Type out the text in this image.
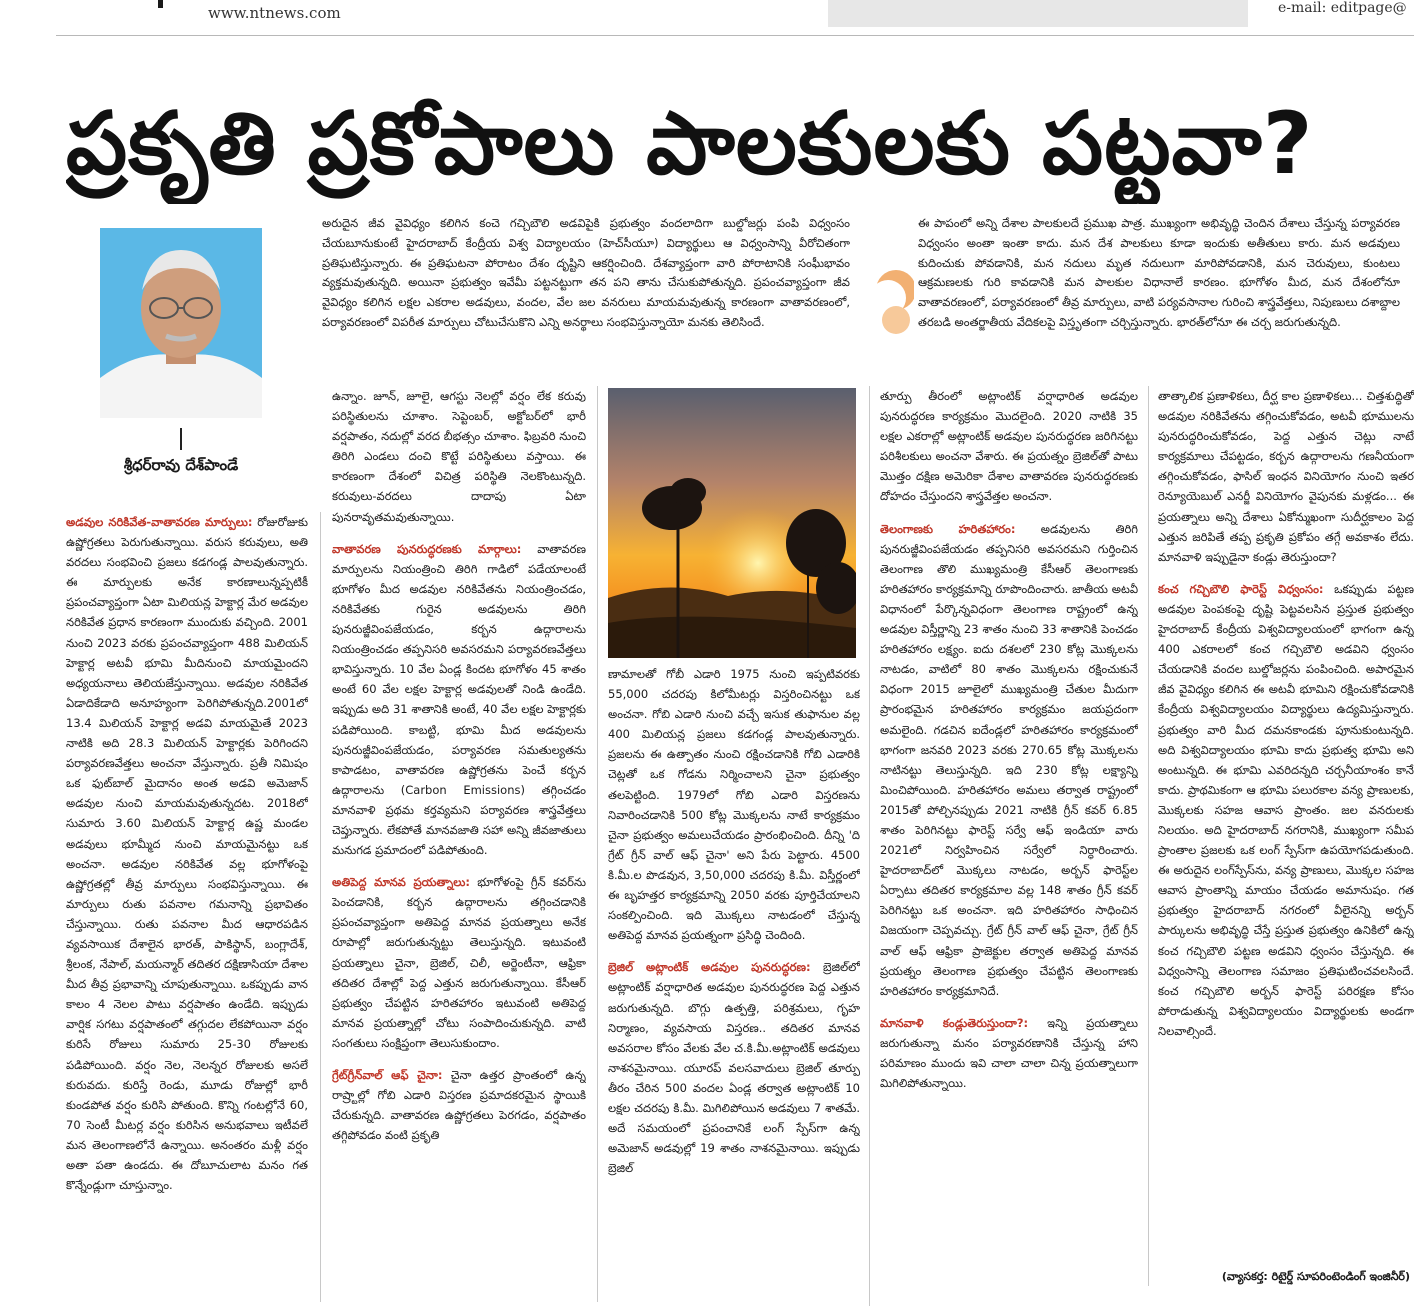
www.ntnews.com	e-mail: editpage@
ప్రకృతి ప్రకోపాలు పాలకులకు పట్టవా?
శ్రీధర్‌రావు దేశ్‌పాండే
అరుదైన జీవ వైవిధ్యం కలిగిన కంచె గచ్చిబౌలి అడవిపైకి ప్రభుత్వం వందలాదిగా బుల్డోజర్లు పంపి విధ్వంసం చేయబూనుకుంటే హైదరాబాద్‌ కేంద్రీయ విశ్వ విద్యాలయం (హెచ్‌సీయూ) విద్యార్థులు ఆ విధ్వంసాన్ని వీరోచితంగా ప్రతిఘటిస్తున్నారు. ఈ ప్రతిఘటనా పోరాటం దేశం దృష్టిని ఆకర్షించింది. దేశవ్యాప్తంగా వారి పోరాటానికి సంఘీభావం వ్యక్తమవుతున్నది. అయినా ప్రభుత్వం ఇవేమీ పట్టనట్టుగా తన పని తాను చేసుకుపోతున్నది. ప్రపంచవ్యాప్తంగా జీవ వైవిధ్యం కలిగిన లక్షల ఎకరాల అడవులు, వందల, వేల జల వనరులు మాయమవుతున్న కారణంగా వాతావరణంలో, పర్యావరణంలో విపరీత మార్పులు చోటుచేసుకొని ఎన్ని అనర్థాలు సంభవిస్తున్నాయో మనకు తెలిసిందే.
ఈ పాపంలో అన్ని దేశాల పాలకులదే ప్రముఖ పాత్ర. ముఖ్యంగా అభివృద్ధి చెందిన దేశాలు చేస్తున్న పర్యావరణ విధ్వంసం అంతా ఇంతా కాదు. మన దేశ పాలకులు కూడా ఇందుకు అతీతులు కారు. మన అడవులు కుదించుకు పోవడానికి, మన నదులు మృత నదులుగా మారిపోవడానికి, మన చెరువులు, కుంటలు ఆక్రమణలకు గురి కావడానికి మన పాలకుల విధానాలే కారణం. భూగోళం మీద, మన దేశంలోనూ వాతావరణంలో, పర్యావరణంలో తీవ్ర మార్పులు, వాటి పర్యవసానాల గురించి శాస్త్రవేత్తలు, నిపుణులు దశాబ్దాల తరబడి అంతర్జాతీయ వేదికలపై విస్తృతంగా చర్చిస్తున్నారు. భారత్‌లోనూ ఈ చర్చ జరుగుతున్నది.

అడవుల నరికివేత-వాతావరణ మార్పులు: రోజురోజుకు ఉష్ణోగ్రతలు పెరుగుతున్నాయి. వరుస కరువులు, అతి వరదలు సంభవించి ప్రజలు కడగండ్ల పాలవుతున్నారు. ఈ మార్పులకు అనేక కారణాలున్నప్పటికీ ప్రపంచవ్యాప్తంగా ఏటా మిలియన్ల హెక్టార్ల మేర అడవుల నరికివేత ప్రధాన కారణంగా ముందుకు వచ్చింది. 2001 నుంచి 2023 వరకు ప్రపంచవ్యాప్తంగా 488 మిలియన్‌ హెక్టార్ల అటవీ భూమి మీదినుంచి మాయమైందని అధ్యయనాలు తెలియజేస్తున్నాయి. అడవుల నరికివేత ఏడాదికేడాది అనూహ్యంగా పెరిగిపోతున్నది.2001లో 13.4 మిలియన్‌ హెక్టార్ల అడవి మాయమైతే 2023 నాటికి అది 28.3 మిలియన్‌ హెక్టార్లకు పెరిగిందని పర్యావరణవేత్తలు అంచనా వేస్తున్నారు. ప్రతీ నిమిషం ఒక ఫుట్‌బాల్‌ మైదానం అంత అడవి అమెజాన్‌ అడవుల నుంచి మాయమవుతున్నదట. 2018లో సుమారు 3.60 మిలియన్‌ హెక్టార్ల ఉష్ణ మండల అడవులు భూమ్మీద నుంచి మాయమైనట్టు ఒక అంచనా. అడవుల నరికివేత వల్ల భూగోళంపై ఉష్ణోగ్రతల్లో తీవ్ర మార్పులు సంభవిస్తున్నాయి. ఈ మార్పులు రుతు పవనాల గమనాన్ని ప్రభావితం చేస్తున్నాయి. రుతు పవనాల మీద ఆధారపడిన వ్యవసాయిక దేశాలైన భారత్‌, పాకిస్థాన్‌, బంగ్లాదేశ్‌, శ్రీలంక, నేపాల్‌, మయన్మార్‌ తదితర దక్షిణాసియా దేశాల మీద తీవ్ర ప్రభావాన్ని చూపుతున్నాయి. ఒకప్పుడు వాన కాలం 4 నెలల పాటు వర్షపాతం ఉండేది. ఇప్పుడు వార్షిక సగటు వర్షపాతంలో తగ్గుదల లేకపోయినా వర్షం కురిసే రోజులు సుమారు 25-30 రోజులకు పడిపోయింది. వర్షం నెల, నెలన్నర రోజులకు అసలే కురువదు. కురిస్తే రెండు, మూడు రోజుల్లో భారీ కుండపోత వర్షం కురిసి పోతుంది. కొన్ని గంటల్లోనే 60, 70 సెంటీ మీటర్ల వర్షం కురిసిన అనుభవాలు ఇటీవలే మన తెలంగాణలోనే ఉన్నాయి. అనంతరం మళ్లీ వర్షం అతా పతా ఉండదు. ఈ దోబూచులాట మనం గత కొన్నేండ్లుగా చూస్తున్నాం.

ఉన్నాం. జూన్‌, జూలై, ఆగస్టు నెలల్లో వర్షం లేక కరువు పరిస్థితులను చూశాం. సెప్టెంబర్‌, అక్టోబర్‌లో భారీ వర్షపాతం, నదుల్లో వరద బీభత్సం చూశాం. ఫిబ్రవరి నుంచి తిరిగి ఎండలు దంచి కొట్టే పరిస్థితులు వస్తాయి. ఈ కారణంగా దేశంలో విచిత్ర పరిస్థితి నెలకొంటున్నది. కరువులు-వరదలు దాదాపు ఏటా పునరావృతమవుతున్నాయి.

వాతావరణ పునరుద్ధరణకు మార్గాలు: వాతావరణ మార్పులను నియంత్రించి తిరిగి గాడిలో పడేయాలంటే భూగోళం మీద అడవుల నరికివేతను నియంత్రించడం, నరికివేతకు గురైన అడవులను తిరిగి పునరుజ్జీవింపజేయడం, కర్బన ఉద్గారాలను నియంత్రించడం తప్పనిసరి అవసరమని పర్యావరణవేత్తలు భావిస్తున్నారు. 10 వేల ఏండ్ల కిందట భూగోళం 45 శాతం అంటే 60 వేల లక్షల హెక్టార్ల అడవులతో నిండి ఉండేది. ఇప్పుడు అది 31 శాతానికి అంటే, 40 వేల లక్షల హెక్టార్లకు పడిపోయింది. కాబట్టి, భూమి మీద అడవులను పునరుజ్జీవింపజేయడం, పర్యావరణ సమతుల్యతను కాపాడటం, వాతావరణ ఉష్ణోగ్రతను పెంచే కర్బన ఉద్గారాలను (Carbon Emissions) తగ్గించడం మానవాళి ప్రథమ కర్తవ్యమని పర్యావరణ శాస్త్రవేత్తలు చెప్తున్నారు. లేకపోతే మానవజాతి సహా అన్ని జీవజాతులు మనుగడ ప్రమాదంలో పడిపోతుంది.

అతిపెద్ద మానవ ప్రయత్నాలు: భూగోళంపై గ్రీన్‌ కవర్‌ను పెంచడానికి, కర్బన ఉద్గారాలను తగ్గించడానికి ప్రపంచవ్యాప్తంగా అతిపెద్ద మానవ ప్రయత్నాలు అనేక రూపాల్లో జరుగుతున్నట్టు తెలుస్తున్నది. ఇటువంటి ప్రయత్నాలు చైనా, బ్రెజిల్‌, చిలీ, అర్జెంటీనా, ఆఫ్రికా తదితర దేశాల్లో పెద్ద ఎత్తున జరుగుతున్నాయి. కేసీఆర్‌ ప్రభుత్వం చేపట్టిన హరితహారం ఇటువంటి అతిపెద్ద మానవ ప్రయత్నాల్లో చోటు సంపాదించుకున్నది. వాటి సంగతులు సంక్షిప్తంగా తెలుసుకుందాం.

గ్రేట్‌గ్రీన్‌వాల్‌ ఆఫ్‌ చైనా: చైనా ఉత్తర ప్రాంతంలో ఉన్న రాష్ర్టాల్లో గోబి ఎడారి విస్తరణ ప్రమాదకరమైన స్థాయికి చేరుకున్నది. వాతావరణ ఉష్ణోగ్రతలు పెరగడం, వర్షపాతం తగ్గిపోవడం వంటి ప్రకృతి

ణామాలతో గోబీ ఎడారి 1975 నుంచి ఇప్పటివరకు 55,000 చదరపు కిలోమీటర్లు విస్తరించినట్టు ఒక అంచనా. గోబి ఎడారి నుంచి వచ్చే ఇసుక తుఫానుల వల్ల 400 మిలియన్ల ప్రజలు కడగండ్ల పాలవుతున్నారు. ప్రజలను ఈ ఉత్పాతం నుంచి రక్షించడానికి గోబి ఎడారికి చెట్లతో ఒక గోడను నిర్మించాలని చైనా ప్రభుత్వం తలపెట్టింది. 1979లో గోబి ఎడారి విస్తరణను నివారించడానికి 500 కోట్ల మొక్కలను నాటే కార్యక్రమం చైనా ప్రభుత్వం అమలుచేయడం ప్రారంభించింది. దీన్ని 'ది గ్రేట్‌ గ్రీన్‌ వాల్‌ ఆఫ్‌ చైనా' అని పేరు పెట్టారు. 4500 కి.మీ.ల పొడవున, 3,50,000 చదరపు కి.మీ. విస్తీర్ణంలో ఈ బృహత్తర కార్యక్రమాన్ని 2050 వరకు పూర్తిచేయాలని సంకల్పించింది. ఇది మొక్కలు నాటడంలో చేస్తున్న అతిపెద్ద మానవ ప్రయత్నంగా ప్రసిద్ధి చెందింది.

బ్రెజిల్‌ అట్లాంటిక్‌ అడవుల పునరుద్ధరణ: బ్రెజిల్‌లో అట్లాంటిక్‌ వర్షాధారిత అడవుల పునరుద్ధరణ పెద్ద ఎత్తున జరుగుతున్నది. బొగ్గు ఉత్పత్తి, పరిశ్రమలు, గృహ నిర్మాణం, వ్యవసాయ విస్తరణ.. తదితర మానవ అవసరాల కోసం వేలకు వేల చ.కి.మీ.అట్లాంటిక్‌ అడవులు నాశనమైనాయి. యూరప్‌ వలసవాదులు బ్రెజిల్‌ తూర్పు తీరం చేరిన 500 వందల ఏండ్ల తర్వాత అట్లాంటిక్‌ 10 లక్షల చదరపు కి.మీ. మిగిలిపోయిన అడవులు 7 శాతమే. అదే సమయంలో ప్రపంచానికే లంగ్‌ స్పేస్‌గా ఉన్న అమెజాన్‌ అడవుల్లో 19 శాతం నాశనమైనాయి. ఇప్పుడు బ్రెజిల్‌

తూర్పు తీరంలో అట్లాంటిక్‌ వర్షాధారిత అడవుల పునరుద్ధరణ కార్యక్రమం మొదలైంది. 2020 నాటికి 35 లక్షల ఎకరాల్లో అట్లాంటిక్‌ అడవుల పునరుద్ధరణ జరిగినట్టు పరిశీలకులు అంచనా వేశారు. ఈ ప్రయత్నం బ్రెజిల్‌తో పాటు మొత్తం దక్షిణ అమెరికా దేశాల వాతావరణ పునరుద్ధరణకు దోహదం చేస్తుందని శాస్త్రవేత్తల అంచనా.

తెలంగాణకు హరితహారం: అడవులను తిరిగి పునరుజ్జీవింపజేయడం తప్పనిసరి అవసరమని గుర్తించిన తెలంగాణ తొలి ముఖ్యమంత్రి కేసీఆర్‌ తెలంగాణకు హరితహారం కార్యక్రమాన్ని రూపొందించారు. జాతీయ అటవీ విధానంలో పేర్కొన్నవిధంగా తెలంగాణ రాష్ట్రంలో ఉన్న అడవుల విస్తీర్ణాన్ని 23 శాతం నుంచి 33 శాతానికి పెంచడం హరితహారం లక్ష్యం. ఐదు దశలలో 230 కోట్ల మొక్కలను నాటడం, వాటిలో 80 శాతం మొక్కలను రక్షించుకునే విధంగా 2015 జూలైలో ముఖ్యమంత్రి చేతుల మీదుగా ప్రారంభమైన హరితహారం కార్యక్రమం జయప్రదంగా అమలైంది. గడచిన ఐదేండ్లలో హరితహారం కార్యక్రమంలో భాగంగా జనవరి 2023 వరకు 270.65 కోట్ల మొక్కలను నాటినట్టు తెలుస్తున్నది. ఇది 230 కోట్ల లక్ష్యాన్ని మించిపోయింది. హరితహారం అమలు తర్వాత రాష్ట్రంలో 2015తో పోల్చినప్పుడు 2021 నాటికి గ్రీన్‌ కవర్‌ 6.85 శాతం పెరిగినట్టు ఫారెస్ట్‌ సర్వే ఆఫ్‌ ఇండియా వారు 2021లో నిర్వహించిన సర్వేలో నిర్ధారించారు. హైదరాబాద్‌లో మొక్కలు నాటడం, అర్బన్‌ ఫారెస్ట్‌ల ఏర్పాటు తదితర కార్యక్రమాల వల్ల 148 శాతం గ్రీన్‌ కవర్‌ పెరిగినట్టు ఒక అంచనా. ఇది హరితహారం సాధించిన విజయంగా చెప్పవచ్చు. గ్రేట్‌ గ్రీన్‌ వాల్‌ ఆఫ్‌ చైనా, గ్రేట్‌ గ్రీన్‌ వాల్‌ ఆఫ్‌ ఆఫ్రికా ప్రాజెక్టుల తర్వాత అతిపెద్ద మానవ ప్రయత్నం తెలంగాణ ప్రభుత్వం చేపట్టిన తెలంగాణకు హరితహారం కార్యక్రమానిదే.

మానవాళి కండ్లుతెరుస్తుందా?: ఇన్ని ప్రయత్నాలు జరుగుతున్నా మనం పర్యావరణానికి చేస్తున్న హాని పరిమాణం ముందు ఇవి చాలా చాలా చిన్న ప్రయత్నాలుగా మిగిలిపోతున్నాయి.

తాత్కాలిక ప్రణాళికలు, దీర్ఘ కాల ప్రణాళికలు... చిత్తశుద్ధితో అడవుల నరికివేతను తగ్గించుకోవడం, అటవీ భూములను పునరుద్ధరించుకోవడం, పెద్ద ఎత్తున చెట్లు నాటే కార్యక్రమాలు చేపట్టడం, కర్బన ఉద్గారాలను గణనీయంగా తగ్గించుకోవడం, ఫాసిల్‌ ఇంధన వినియోగం నుంచి ఇతర రెన్యూయెబుల్‌ ఎనర్జీ వినియోగం వైపునకు మళ్లడం... ఈ ప్రయత్నాలు అన్ని దేశాలు ఏకోన్ముఖంగా సుదీర్ఘకాలం పెద్ద ఎత్తున జరిపితే తప్ప ప్రకృతి ప్రకోపం తగ్గే అవకాశం లేదు. మానవాళి ఇప్పుడైనా కండ్లు తెరుస్తుందా?

కంచ గచ్చిబౌలి ఫారెస్ట్‌ విధ్వంసం: ఒకప్పుడు పట్టణ అడవుల పెంపకంపై దృష్టి పెట్టవలసిన ప్రస్తుత ప్రభుత్వం హైదరాబాద్‌ కేంద్రీయ విశ్వవిద్యాలయంలో భాగంగా ఉన్న 400 ఎకరాలలో కంచ గచ్చిబౌలి అడవిని ధ్వంసం చేయడానికి వందల బుల్డోజర్లను పంపించింది. అపారమైన జీవ వైవిధ్యం కలిగిన ఈ అటవీ భూమిని రక్షించుకోవడానికి కేంద్రీయ విశ్వవిద్యాలయం విద్యార్థులు ఉద్యమిస్తున్నారు. ప్రభుత్వం వారి మీద దమనకాండకు పూనుకుంటున్నది. అది విశ్వవిద్యాలయం భూమి కాదు ప్రభుత్వ భూమి అని అంటున్నది. ఈ భూమి ఎవరిదన్నది చర్చనీయాంశం కానే కాదు. ప్రాథమికంగా ఆ భూమి పలురకాల వన్య ప్రాణులకు, మొక్కలకు సహజ ఆవాస ప్రాంతం. జల వనరులకు నిలయం. అది హైదరాబాద్‌ నగరానికి, ముఖ్యంగా సమీప ప్రాంతాల ప్రజలకు ఒక లంగ్‌ స్పేస్‌గా ఉపయోగపడుతుంది. ఈ అరుదైన లంగ్‌స్పేస్‌ను, వన్య ప్రాణులు, మొక్కల సహజ ఆవాస ప్రాంతాన్ని మాయం చేయడం అమానుషం. గత ప్రభుత్వం హైదరాబాద్‌ నగరంలో వీలైనన్ని అర్బన్‌ పార్కులను అభివృద్ధి చేస్తే ప్రస్తుత ప్రభుత్వం ఉనికిలో ఉన్న కంచ గచ్చిబౌలి పట్టణ అడవిని ధ్వంసం చేస్తున్నది. ఈ విధ్వంసాన్ని తెలంగాణ సమాజం ప్రతిఘటించవలసిందే. కంచ గచ్చిబౌలి అర్బన్‌ ఫారెస్ట్‌ పరిరక్షణ కోసం పోరాడుతున్న విశ్వవిద్యాలయం విద్యార్థులకు అండగా నిలవాల్సిందే.

(వ్యాసకర్త: రిటైర్డ్‌ సూపరింటెండింగ్‌ ఇంజినీర్‌)
